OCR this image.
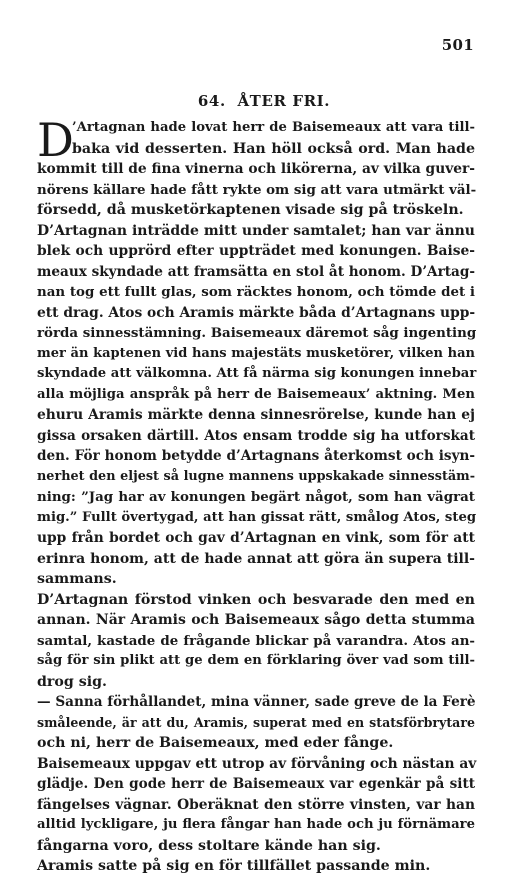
501
64. ÅTER FRI.
D
’Artagnan hade lovat herr de Baisemeaux att vara till-
baka vid desserten. Han höll också ord. Man hade
kommit till de fina vinerna och likörerna, av vilka guver-
nörens källare hade fått rykte om sig att vara utmärkt väl-
försedd, då musketörkaptenen visade sig på tröskeln.
D’Artagnan inträdde mitt under samtalet; han var ännu
blek och upprörd efter uppträdet med konungen. Baise-
meaux skyndade att framsätta en stol åt honom. D’Artag-
nan tog ett fullt glas, som räcktes honom, och tömde det i
ett drag. Atos och Aramis märkte båda d’Artagnans upp-
rörda sinnesstämning. Baisemeaux däremot såg ingenting
mer än kaptenen vid hans majestäts musketörer, vilken han
skyndade att välkomna. Att få närma sig konungen innebar
alla möjliga anspråk på herr de Baisemeaux’ aktning. Men
ehuru Aramis märkte denna sinnesrörelse, kunde han ej
gissa orsaken därtill. Atos ensam trodde sig ha utforskat
den. För honom betydde d’Artagnans återkomst och isyn-
nerhet den eljest så lugne mannens uppskakade sinnesstäm-
ning: ”Jag har av konungen begärt något, som han vägrat
mig.” Fullt övertygad, att han gissat rätt, smålog Atos, steg
upp från bordet och gav d’Artagnan en vink, som för att
erinra honom, att de hade annat att göra än supera till-
sammans.
D’Artagnan förstod vinken och besvarade den med en
annan. När Aramis och Baisemeaux sågo detta stumma
samtal, kastade de frågande blickar på varandra. Atos an-
såg för sin plikt att ge dem en förklaring över vad som till-
drog sig.
— Sanna förhållandet, mina vänner, sade greve de la Ferè
småleende, är att du, Aramis, superat med en statsförbrytare
och ni, herr de Baisemeaux, med eder fånge.
Baisemeaux uppgav ett utrop av förvåning och nästan av
glädje. Den gode herr de Baisemeaux var egenkär på sitt
fängelses vägnar. Oberäknat den större vinsten, var han
alltid lyckligare, ju flera fångar han hade och ju förnämare
fångarna voro, dess stoltare kände han sig.
Aramis satte på sig en för tillfället passande min.
